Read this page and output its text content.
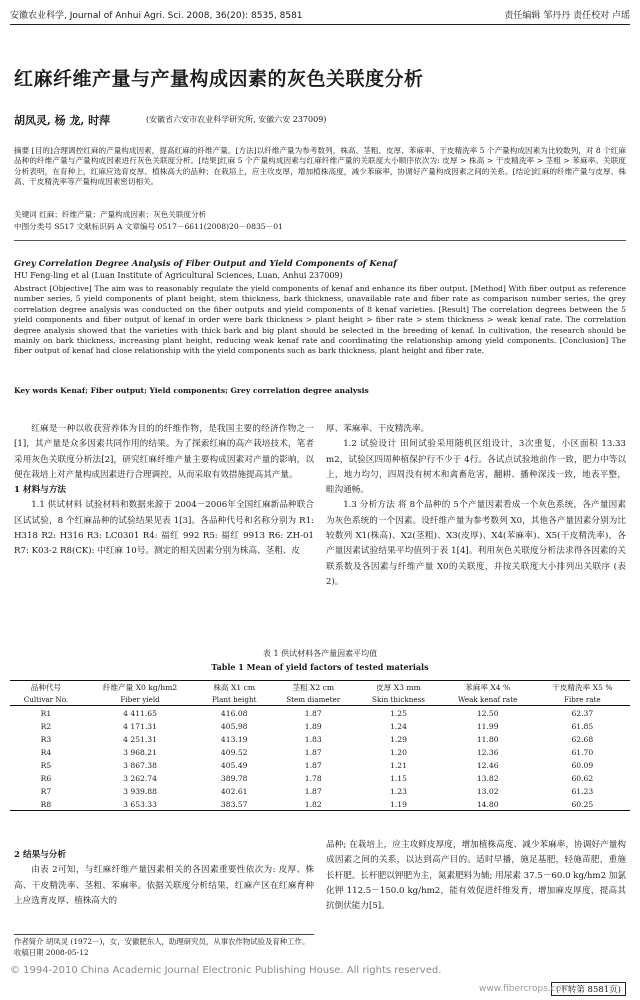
安徽农业科学, Journal of Anhui Agri. Sci. 2008, 36(20): 8535, 8581	责任编辑 邹丹丹 责任校对 卢瑶
红麻纤维产量与产量构成因素的灰色关联度分析
胡凤灵, 杨 龙, 时萍	(安徽省六安市农业科学研究所, 安徽六安 237009)
摘要 [目的]合理调控红麻的产量构成因素，提高红麻的纤维产量。[方法]以纤维产量为参考数列，株高、茎粗、皮厚、苯麻率、干皮精洗率 5 个产量构成因素为比较数列，对 8 个红麻品种的纤维产量与产量构成因素进行灰色关联度分析。[结果]红麻 5 个产量构成因素与红麻纤维产量的关联度大小顺序依次为: 皮厚 > 株高 > 干皮精洗率 > 茎粗 > 苯麻率。关联度分析表明，在育种上，红麻应选育皮厚、植株高大的品种；在栽培上，应主攻皮厚，增加植株高度，减少苯麻率，协调好产量构成因素之间的关系。[结论]红麻的纤维产量与皮厚、株高、干皮精洗率等产量构成因素密切相关。
关键词 红麻；纤维产量；产量构成因素；灰色关联度分析
中图分类号 S517 文献标识码 A 文章编号 0517－6611(2008)20－0835－01
Grey Correlation Degree Analysis of Fiber Output and Yield Components of Kenaf
HU Feng-ling et al (Luan Institute of Agricultural Sciences, Luan, Anhui 237009)
Abstract [Objective] The aim was to reasonably regulate the yield components of kenaf and enhance its fiber output. [Method] With fiber output as reference number series, 5 yield components of plant height, stem thickness, bark thickness, unavailable rate and fiber rate as comparison number series, the grey correlation degree analysis was conducted on the fiber outputs and yield components of 8 kenaf varieties. [Result] The correlation degrees between the 5 yield components and fiber output of kenaf in order were bark thickness > plant height > fiber rate > stem thickness > weak kenaf rate. The correlation degree analysis showed that the varieties with thick bark and big plant should be selected in the breeding of kenaf. In cultivation, the research should be mainly on bark thickness, increasing plant height, reducing weak kenaf rate and coordinating the relationship among yield components. [Conclusion] The fiber output of kenaf had close relationship with the yield components such as bark thickness, plant height and fiber rate.
Key words Kenaf; Fiber output; Yield components; Grey correlation degree analysis
红麻是一种以收获营养体为目的的纤维作物，是我国主要的经济作物之一[1]，其产量是众多因素共同作用的结果。为了探索红麻的高产栽培技术，笔者采用灰色关联度分析法[2]，研究红麻纤维产量主要构成因素对产量的影响，以便在栽培上对产量构成因素进行合理调控，从而采取有效措施提高其产量。
1 材料与方法
1.1 供试材料 试验材料和数据来源于 2004－2006年全国红麻新品种联合区试试验，8 个红麻品种的试验结果见表 1[3]。各品种代号和名称分别为 R1: H318 R2: H316 R3: LC0301 R4: 福红 992 R5: 福红 9913 R6: ZH-01 R7: K03-2 R8(CK): 中红麻 10号。测定的相关因素分别为株高、茎粗、皮
厚、苯麻率、干皮精洗率。
1.2 试验设计 田间试验采用随机区组设计，3次重复，小区面积 13.33 m2，试验区四周种植保护行不少于 4行。各试点试验地前作一致，肥力中等以上，地力均匀，四周没有树木和禽畜危害，翻耕、播种深浅一致，地表平整，畦沟通畅。
1.3 分析方法 将 8个品种的 5个产量因素看成一个灰色系统，各产量因素为灰色系统的一个因素。设纤维产量为参考数列 X0，其他各产量因素分别为比较数列 X1(株高)、X2(茎粗)、X3(皮厚)、X4(苯麻率)、X5(干皮精洗率)，各产量因素试验结果平均值列于表 1[4]。利用灰色关联度分析法求得各因素的关联系数及各因素与纤维产量 X0的关联度，并按关联度大小排列出关联序 (表 2)。
表 1 供试材料各产量因素平均值
Table 1 Mean of yield factors of tested materials
品种代号	纤维产量 X0 kg/hm2	株高 X1 cm	茎粗 X2 cm	皮厚 X3 mm	苯麻率 X4 %	干皮精洗率 X5 %
Cultivar No.	Fiber yield	Plant height	Stem diameter	Skin thickness	Weak kenaf rate	Fibre rate
R1	4 411.65	416.08	1.87	1.25	12.50	62.37
R2	4 171.31	405.98	1.89	1.24	11.99	61.85
R3	4 251.31	413.19	1.83	1.29	11.80	62.68
R4	3 968.21	409.52	1.87	1.20	12.36	61.70
R5	3 867.38	405.49	1.87	1.21	12.46	60.09
R6	3 262.74	389.78	1.78	1.15	13.82	60.62
R7	3 939.88	402.61	1.87	1.23	13.02	61.23
R8	3 653.33	383.57	1.82	1.19	14.80	60.25
2 结果与分析
由表 2可知，与红麻纤维产量因素相关的各因素重要性依次为: 皮厚、株高、干皮精洗率、茎粗、苯麻率。依据关联度分析结果，红麻产区在红麻育种上应选育皮厚、植株高大的
品种; 在栽培上，应主攻鲜皮厚度，增加植株高度、减少苯麻率，协调好产量构成因素之间的关系，以达到高产目的。适时早播，施足基肥，轻施苗肥，重施长杆肥。长杆肥以钾肥为主，氮素肥料为辅; 用尿素 37.5－60.0 kg/hm2 加氯化钾 112.5－150.0 kg/hm2，能有效促进纤维发育，增加麻皮厚度，提高其抗倒伏能力[5]。
作者简介 胡凤灵 (1972－)，女，安徽肥东人，助理研究员，从事农作物试验及育种工作。
收稿日期 2008-05-12
(下转第 8581页)
© 1994-2010 China Academic Journal Electronic Publishing House. All rights reserved.
www.fibercrops.com
